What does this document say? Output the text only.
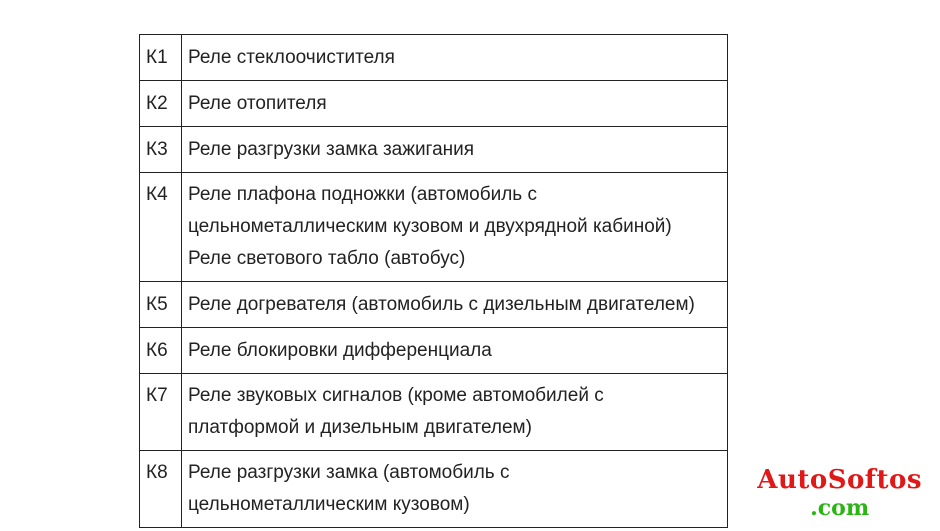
К1	Реле стеклоочистителя

К2	Реле отопителя

К3	Реле разгрузки замка зажигания

К4	Реле плафона подножки (автомобиль с
цельнометаллическим кузовом и двухрядной кабиной)
Реле светового табло (автобус)

К5	Реле догревателя (автомобиль с дизельным двигателем)

К6	Реле блокировки дифференциала

К7	Реле звуковых сигналов (кроме автомобилей с
платформой и дизельным двигателем)

К8	Реле разгрузки замка (автомобиль с
цельнометаллическим кузовом)
AutoSoftos
.com
